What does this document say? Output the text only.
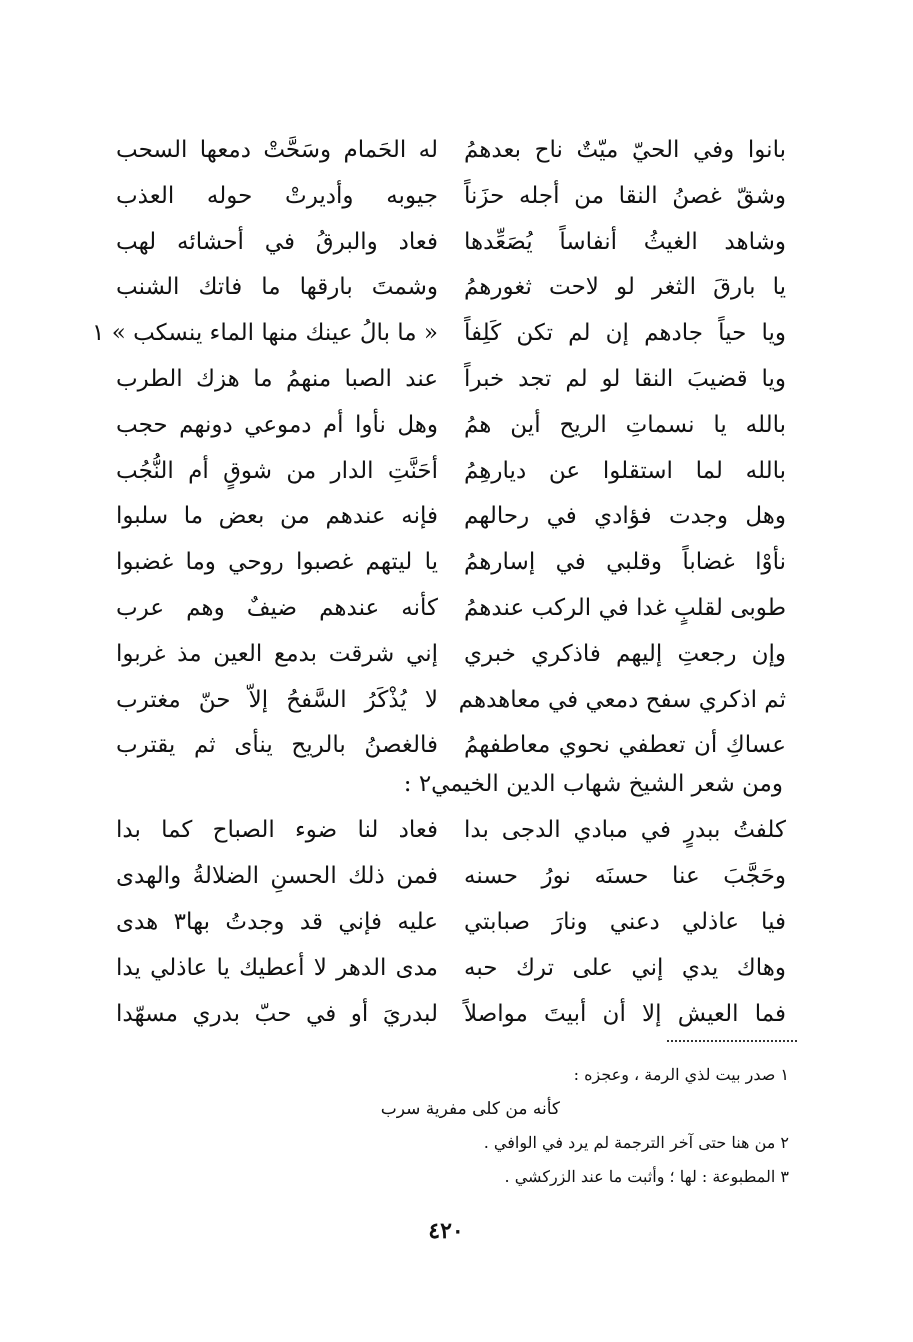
بانوا وفي الحيّ ميّتٌ ناح بعدهمُ
له الحَمام وسَحَّتْ دمعها السحب
وشقّ غصنُ النقا من أجله حزَناً
جيوبه وأديرتْ حوله العذب
وشاهد الغيثُ أنفاساً يُصَعِّدها
فعاد والبرقُ في أحشائه لهب
يا بارقَ الثغر لو لاحت ثغورهمُ
وشمتَ بارقها ما فاتك الشنب
ويا حياً جادهم إن لم تكن كَلِفاً
« ما بالُ عينك منها الماء ينسكب » ١
ويا قضيبَ النقا لو لم تجد خبراً
عند الصبا منهمُ ما هزك الطرب
بالله يا نسماتِ الريح أين همُ
وهل نأوا أم دموعي دونهم حجب
بالله لما استقلوا عن ديارهِمُ
أحَنَّتِ الدار من شوقٍ أم النُّجُب
وهل وجدت فؤادي في رحالهم
فإنه عندهم من بعض ما سلبوا
نأوْا غضاباً وقلبي في إسارهمُ
يا ليتهم غصبوا روحي وما غضبوا
طوبى لقلبٍ غدا في الركب عندهمُ
كأنه عندهم ضيفٌ وهم عرب
وإن رجعتِ إليهم فاذكري خبري
إني شرقت بدمع العين مذ غربوا
ثم اذكري سفح دمعي في معاهدهم
لا يُذْكَرُ السَّفحُ إلاّ حنّ مغترب
عساكِ أن تعطفي نحوي معاطفهمُ
فالغصنُ بالريح ينأى ثم يقترب
ومن شعر الشيخ شهاب الدين الخيمي٢ :
كلفتُ ببدرٍ في مبادي الدجى بدا
فعاد لنا ضوء الصباح كما بدا
وحَجَّبَ عنا حسنَه نورُ حسنه
فمن ذلك الحسنِ الضلالةُ والهدى
فيا عاذلي دعني ونارَ صبابتي
عليه فإني قد وجدتُ بها٣ هدى
وهاك يدي إني على ترك حبه
مدى الدهر لا أعطيك يا عاذلي يدا
فما العيش إلا أن أبيتَ مواصلاً
لبدريَ أو في حبّ بدري مسهّدا
١ صدر بيت لذي الرمة ، وعجزه :
كأنه من كلى مفرية سرب
٢ من هنا حتى آخر الترجمة لم يرد في الوافي .
٣ المطبوعة : لها ؛ وأثبت ما عند الزركشي .
٤٢٠
